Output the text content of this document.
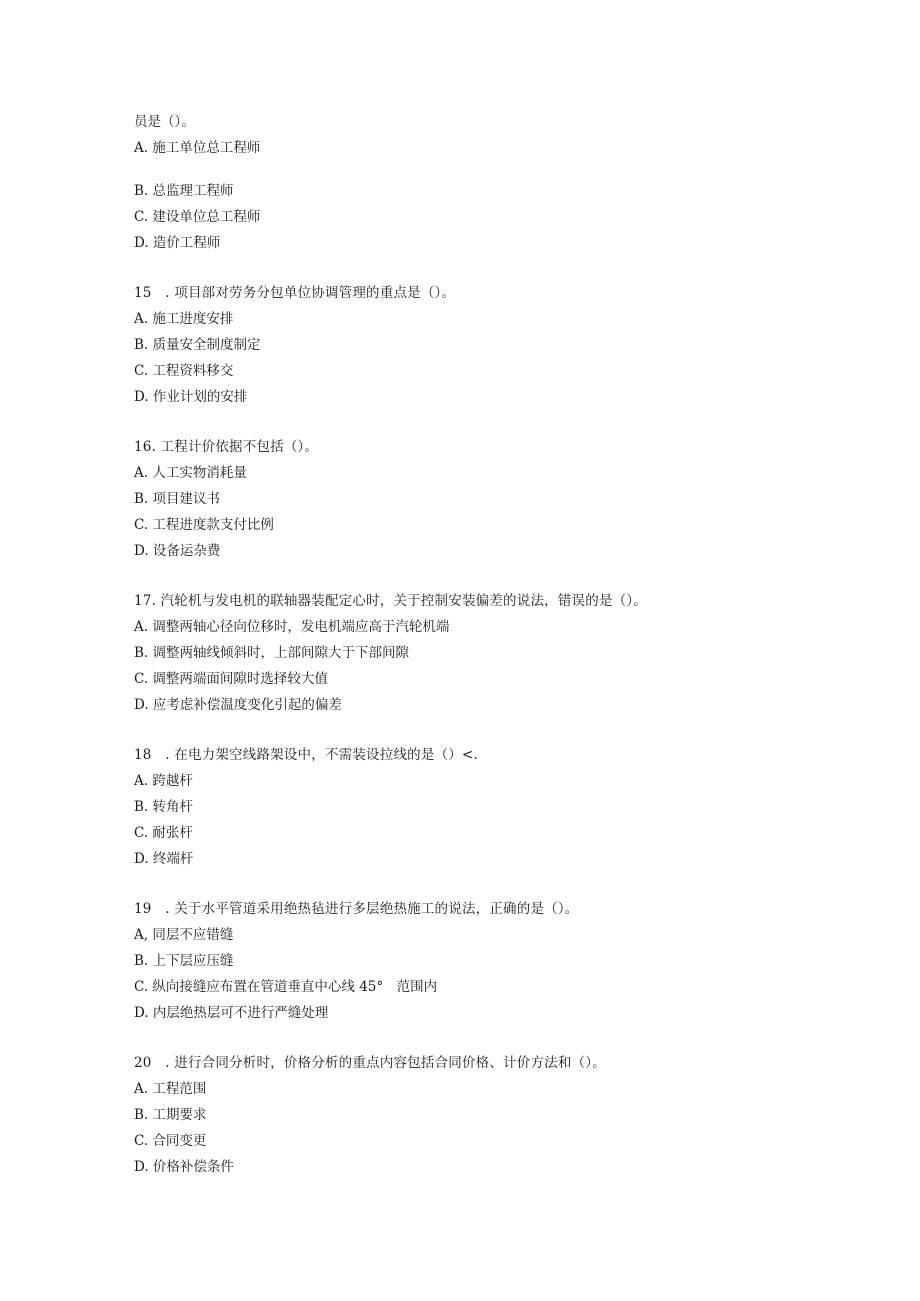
员是（）。
A. 施工单位总工程师
B. 总监理工程师
C. 建设单位总工程师
D. 造价工程师
15　. 项目部对劳务分包单位协调管理的重点是（）。
A. 施工进度安排
B. 质量安全制度制定
C. 工程资料移交
D. 作业计划的安排
16. 工程计价依据不包括（）。
A. 人工实物消耗量
B. 项目建议书
C. 工程进度款支付比例
D. 设备运杂费
17. 汽轮机与发电机的联轴器装配定心时，关于控制安装偏差的说法，错误的是（）。
A. 调整两轴心径向位移时，发电机端应高于汽轮机端
B. 调整两轴线倾斜时，上部间隙大于下部间隙
C. 调整两端面间隙时选择较大值
D. 应考虑补偿温度变化引起的偏差
18　. 在电力架空线路架设中，不需装设拉线的是（）<.
A. 跨越杆
B. 转角杆
C. 耐张杆
D. 终端杆
19　. 关于水平管道采用绝热毡进行多层绝热施工的说法，正确的是（）。
A, 同层不应错缝
B. 上下层应压缝
C. 纵向接缝应布置在管道垂直中心线 45°　范围内
D. 内层绝热层可不进行严缝处理
20　. 进行合同分析时，价格分析的重点内容包括合同价格、计价方法和（）。
A. 工程范围
B. 工期要求
C. 合同变更
D. 价格补偿条件
